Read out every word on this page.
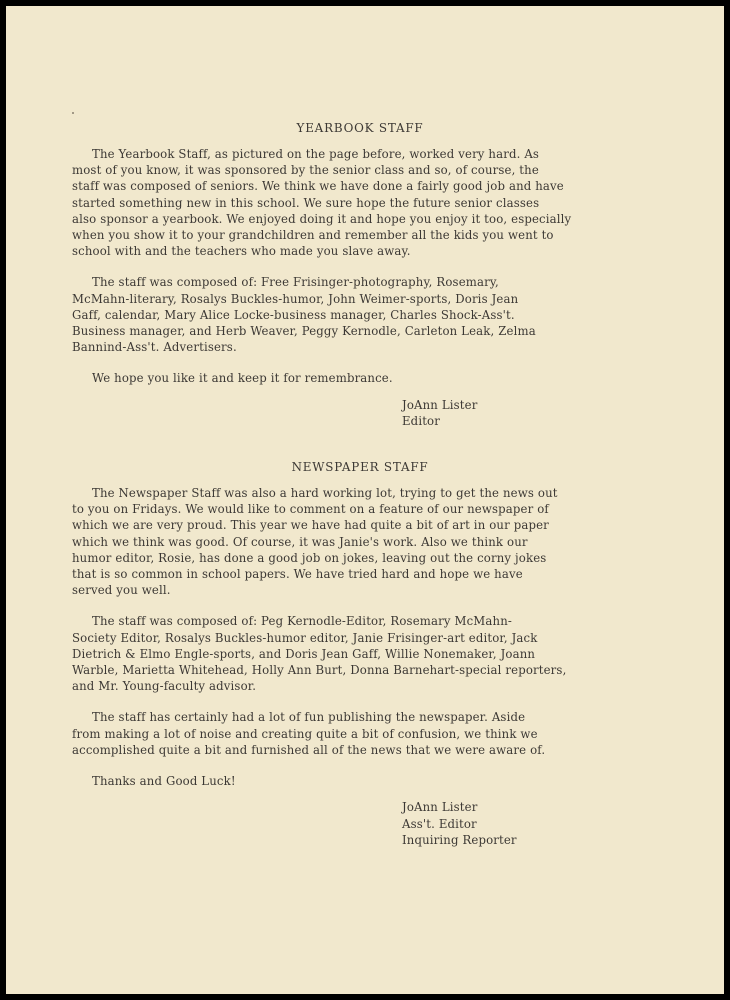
YEARBOOK STAFF
The Yearbook Staff, as pictured on the page before, worked very hard. As
most of you know, it was sponsored by the senior class and so, of course, the
staff was composed of seniors. We think we have done a fairly good job and have
started something new in this school. We sure hope the future senior classes
also sponsor a yearbook. We enjoyed doing it and hope you enjoy it too, especially
when you show it to your grandchildren and remember all the kids you went to
school with and the teachers who made you slave away.
The staff was composed of: Free Frisinger-photography, Rosemary,
McMahn-literary, Rosalys Buckles-humor, John Weimer-sports, Doris Jean
Gaff, calendar, Mary Alice Locke-business manager, Charles Shock-Ass't.
Business manager, and Herb Weaver, Peggy Kernodle, Carleton Leak, Zelma
Bannind-Ass't. Advertisers.
We hope you like it and keep it for remembrance.
JoAnn Lister
Editor
NEWSPAPER STAFF
The Newspaper Staff was also a hard working lot, trying to get the news out
to you on Fridays. We would like to comment on a feature of our newspaper of
which we are very proud. This year we have had quite a bit of art in our paper
which we think was good. Of course, it was Janie's work. Also we think our
humor editor, Rosie, has done a good job on jokes, leaving out the corny jokes
that is so common in school papers. We have tried hard and hope we have
served you well.
The staff was composed of: Peg Kernodle-Editor, Rosemary McMahn-
Society Editor, Rosalys Buckles-humor editor, Janie Frisinger-art editor, Jack
Dietrich & Elmo Engle-sports, and Doris Jean Gaff, Willie Nonemaker, Joann
Warble, Marietta Whitehead, Holly Ann Burt, Donna Barnehart-special reporters,
and Mr. Young-faculty advisor.
The staff has certainly had a lot of fun publishing the newspaper. Aside
from making a lot of noise and creating quite a bit of confusion, we think we
accomplished quite a bit and furnished all of the news that we were aware of.
Thanks and Good Luck!
JoAnn Lister
Ass't. Editor
Inquiring Reporter
